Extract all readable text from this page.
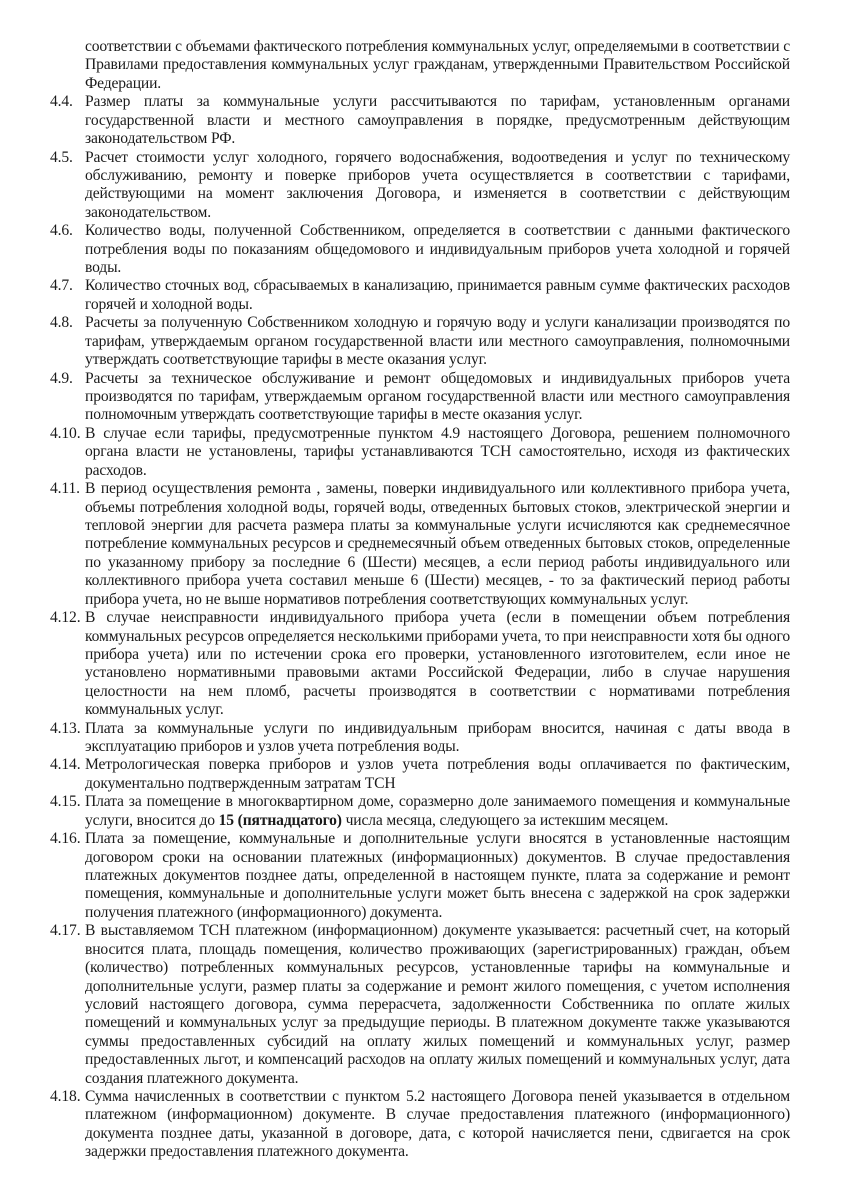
соответствии с объемами фактического потребления коммунальных услуг, определяемыми в соответствии с Правилами предоставления коммунальных услуг гражданам, утвержденными Правительством Российской Федерации.

4.4. Размер платы за коммунальные услуги рассчитываются по тарифам, установленным органами государственной власти и местного самоуправления в порядке, предусмотренным действующим законодательством РФ.
4.5. Расчет стоимости услуг холодного, горячего водоснабжения, водоотведения и услуг по техническому обслуживанию, ремонту и поверке приборов учета осуществляется в соответствии с тарифами, действующими на момент заключения Договора, и изменяется в соответствии с действующим законодательством.
4.6. Количество воды, полученной Собственником, определяется в соответствии с данными фактического потребления воды по показаниям общедомового и индивидуальным приборов учета холодной и горячей воды.
4.7. Количество сточных вод, сбрасываемых в канализацию, принимается равным сумме фактических расходов горячей и холодной воды.
4.8. Расчеты за полученную Собственником холодную и горячую воду и услуги канализации производятся по тарифам, утверждаемым органом государственной власти или местного самоуправления, полномочными утверждать соответствующие тарифы в месте оказания услуг.
4.9. Расчеты за техническое обслуживание и ремонт общедомовых и индивидуальных приборов учета производятся по тарифам, утверждаемым органом государственной власти или местного самоуправления полномочным утверждать соответствующие тарифы в месте оказания услуг.
4.10. В случае если тарифы, предусмотренные пунктом 4.9 настоящего Договора, решением полномочного органа власти не установлены, тарифы устанавливаются ТСН самостоятельно, исходя из фактических расходов.
4.11. В период осуществления ремонта , замены, поверки индивидуального или коллективного прибора учета, объемы потребления холодной воды, горячей воды, отведенных бытовых стоков, электрической энергии и тепловой энергии для расчета размера платы за коммунальные услуги исчисляются как среднемесячное потребление коммунальных ресурсов и среднемесячный объем отведенных бытовых стоков, определенные по указанному прибору за последние 6 (Шести) месяцев, а если период работы индивидуального или коллективного прибора учета составил меньше 6 (Шести) месяцев, - то за фактический период работы прибора учета, но не выше нормативов потребления соответствующих коммунальных услуг.
4.12. В случае неисправности индивидуального прибора учета (если в помещении объем потребления коммунальных ресурсов определяется несколькими приборами учета, то при неисправности хотя бы одного прибора учета) или по истечении срока его проверки, установленного изготовителем, если иное не установлено нормативными правовыми актами Российской Федерации, либо в случае нарушения целостности на нем пломб, расчеты производятся в соответствии с нормативами потребления коммунальных услуг.
4.13. Плата за коммунальные услуги по индивидуальным приборам вносится, начиная с даты ввода в эксплуатацию приборов и узлов учета потребления воды.
4.14. Метрологическая поверка приборов и узлов учета потребления воды оплачивается по фактическим, документально подтвержденным затратам ТСН
4.15. Плата за помещение в многоквартирном доме, соразмерно доле занимаемого помещения и коммунальные услуги, вносится до 15 (пятнадцатого) числа месяца, следующего за истекшим месяцем.
4.16. Плата за помещение, коммунальные и дополнительные услуги вносятся в установленные настоящим договором сроки на основании платежных (информационных) документов. В случае предоставления платежных документов позднее даты, определенной в настоящем пункте, плата за содержание и ремонт помещения, коммунальные и дополнительные услуги может быть внесена с задержкой на срок задержки получения платежного (информационного) документа.
4.17. В выставляемом ТСН платежном (информационном) документе указывается: расчетный счет, на который вносится плата, площадь помещения, количество проживающих (зарегистрированных) граждан, объем (количество) потребленных коммунальных ресурсов, установленные тарифы на коммунальные и дополнительные услуги, размер платы за содержание и ремонт жилого помещения, с учетом исполнения условий настоящего договора, сумма перерасчета, задолженности Собственника по оплате жилых помещений и коммунальных услуг за предыдущие периоды. В платежном документе также указываются суммы предоставленных субсидий на оплату жилых помещений и коммунальных услуг, размер предоставленных льгот, и компенсаций расходов на оплату жилых помещений и коммунальных услуг, дата создания платежного документа.
4.18. Сумма начисленных в соответствии с пунктом 5.2 настоящего Договора пеней указывается в отдельном платежном (информационном) документе. В случае предоставления платежного (информационного) документа позднее даты, указанной в договоре, дата, с которой начисляется пени, сдвигается на срок задержки предоставления платежного документа.
